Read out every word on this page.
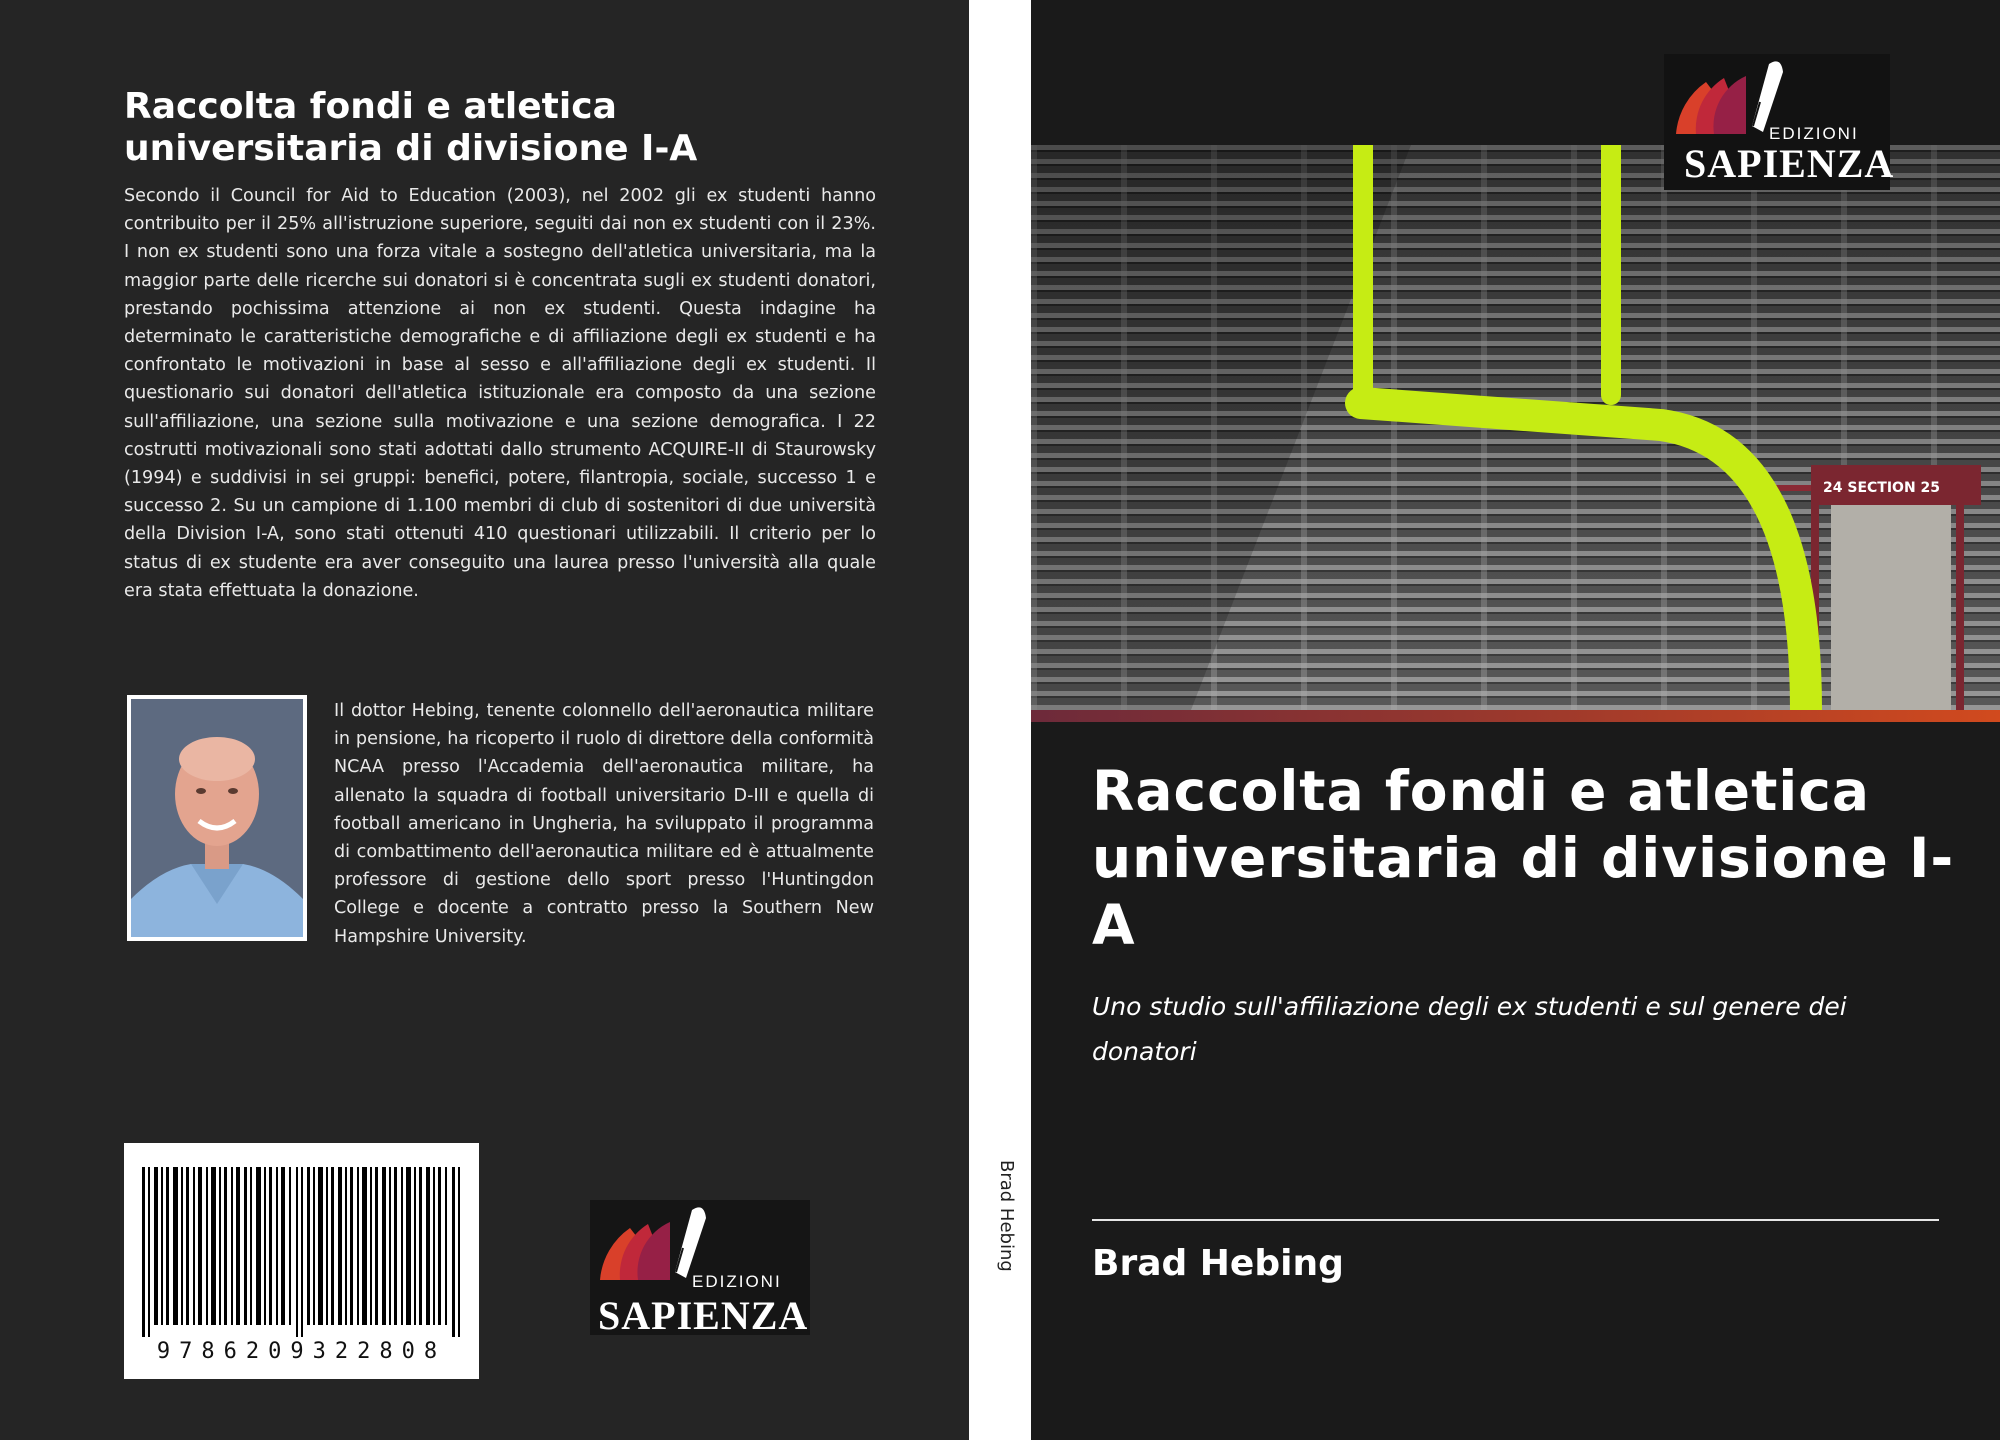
Raccolta fondi e atletica universitaria di divisione I-A

Secondo il Council for Aid to Education (2003), nel 2002 gli ex studenti hanno contribuito per il 25% all'istruzione superiore, seguiti dai non ex studenti con il 23%. I non ex studenti sono una forza vitale a sostegno dell'atletica universitaria, ma la maggior parte delle ricerche sui donatori si è concentrata sugli ex studenti donatori, prestando pochissima attenzione ai non ex studenti. Questa indagine ha determinato le caratteristiche demografiche e di affiliazione degli ex studenti e ha confrontato le motivazioni in base al sesso e all'affiliazione degli ex studenti. Il questionario sui donatori dell'atletica istituzionale era composto da una sezione sull'affiliazione, una sezione sulla motivazione e una sezione demografica. I 22 costrutti motivazionali sono stati adottati dallo strumento ACQUIRE-II di Staurowsky (1994) e suddivisi in sei gruppi: benefici, potere, filantropia, sociale, successo 1 e successo 2. Su un campione di 1.100 membri di club di sostenitori di due università della Division I-A, sono stati ottenuti 410 questionari utilizzabili. Il criterio per lo status di ex studente era aver conseguito una laurea presso l'università alla quale era stata effettuata la donazione.

Il dottor Hebing, tenente colonnello dell'aeronautica militare in pensione, ha ricoperto il ruolo di direttore della conformità NCAA presso l'Accademia dell'aeronautica militare, ha allenato la squadra di football universitario D-III e quella di football americano in Ungheria, ha sviluppato il programma di combattimento dell'aeronautica militare ed è attualmente professore di gestione dello sport presso l'Huntingdon College e docente a contratto presso la Southern New Hampshire University.

9786209322808
EDIZIONI
SAPIENZA
Brad Hebing
24 SECTION 25
EDIZIONI
SAPIENZA
Raccolta fondi e atletica universitaria di divisione I-A

Uno studio sull'affiliazione degli ex studenti e sul genere dei donatori

Brad Hebing
